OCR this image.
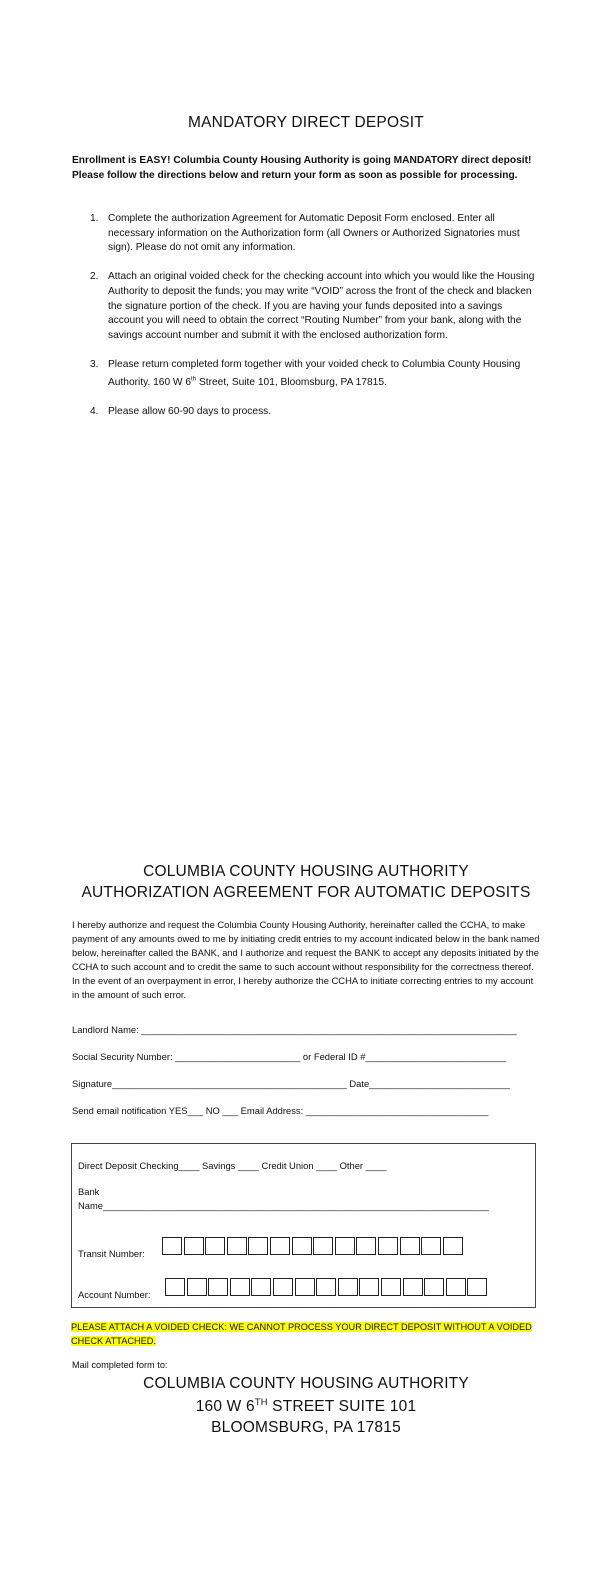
MANDATORY DIRECT DEPOSIT
Enrollment is EASY! Columbia County Housing Authority is going MANDATORY direct deposit! Please follow the directions below and return your form as soon as possible for processing.
1. Complete the authorization Agreement for Automatic Deposit Form enclosed. Enter all necessary information on the Authorization form (all Owners or Authorized Signatories must sign). Please do not omit any information.
2. Attach an original voided check for the checking account into which you would like the Housing Authority to deposit the funds; you may write “VOID” across the front of the check and blacken the signature portion of the check. If you are having your funds deposited into a savings account you will need to obtain the correct “Routing Number” from your bank, along with the savings account number and submit it with the enclosed authorization form.
3. Please return completed form together with your voided check to Columbia County Housing Authority. 160 W 6th Street, Suite 101, Bloomsburg, PA 17815.
4. Please allow 60-90 days to process.
COLUMBIA COUNTY HOUSING AUTHORITY
AUTHORIZATION AGREEMENT FOR AUTOMATIC DEPOSITS
I hereby authorize and request the Columbia County Housing Authority, hereinafter called the CCHA, to make payment of any amounts owed to me by initiating credit entries to my account indicated below in the bank named below, hereinafter called the BANK, and I authorize and request the BANK to accept any deposits initiated by the CCHA to such account and to credit the same to such account without responsibility for the correctness thereof. In the event of an overpayment in error, I hereby authorize the CCHA to initiate correcting entries to my account in the amount of such error.
Landlord Name: ________________________________________________________________________
Social Security Number: ________________________ or Federal ID #___________________________
Signature_____________________________________________ Date___________________________
Send email notification YES___ NO ___ Email Address: ___________________________________
Direct Deposit Checking____ Savings ____ Credit Union ____ Other ____
Bank
Name__________________________________________________________________________
Transit Number:
Account Number:
PLEASE ATTACH A VOIDED CHECK: WE CANNOT PROCESS YOUR DIRECT DEPOSIT WITHOUT A VOIDED CHECK ATTACHED.
Mail completed form to:
COLUMBIA COUNTY HOUSING AUTHORITY
160 W 6TH STREET SUITE 101
BLOOMSBURG, PA 17815
